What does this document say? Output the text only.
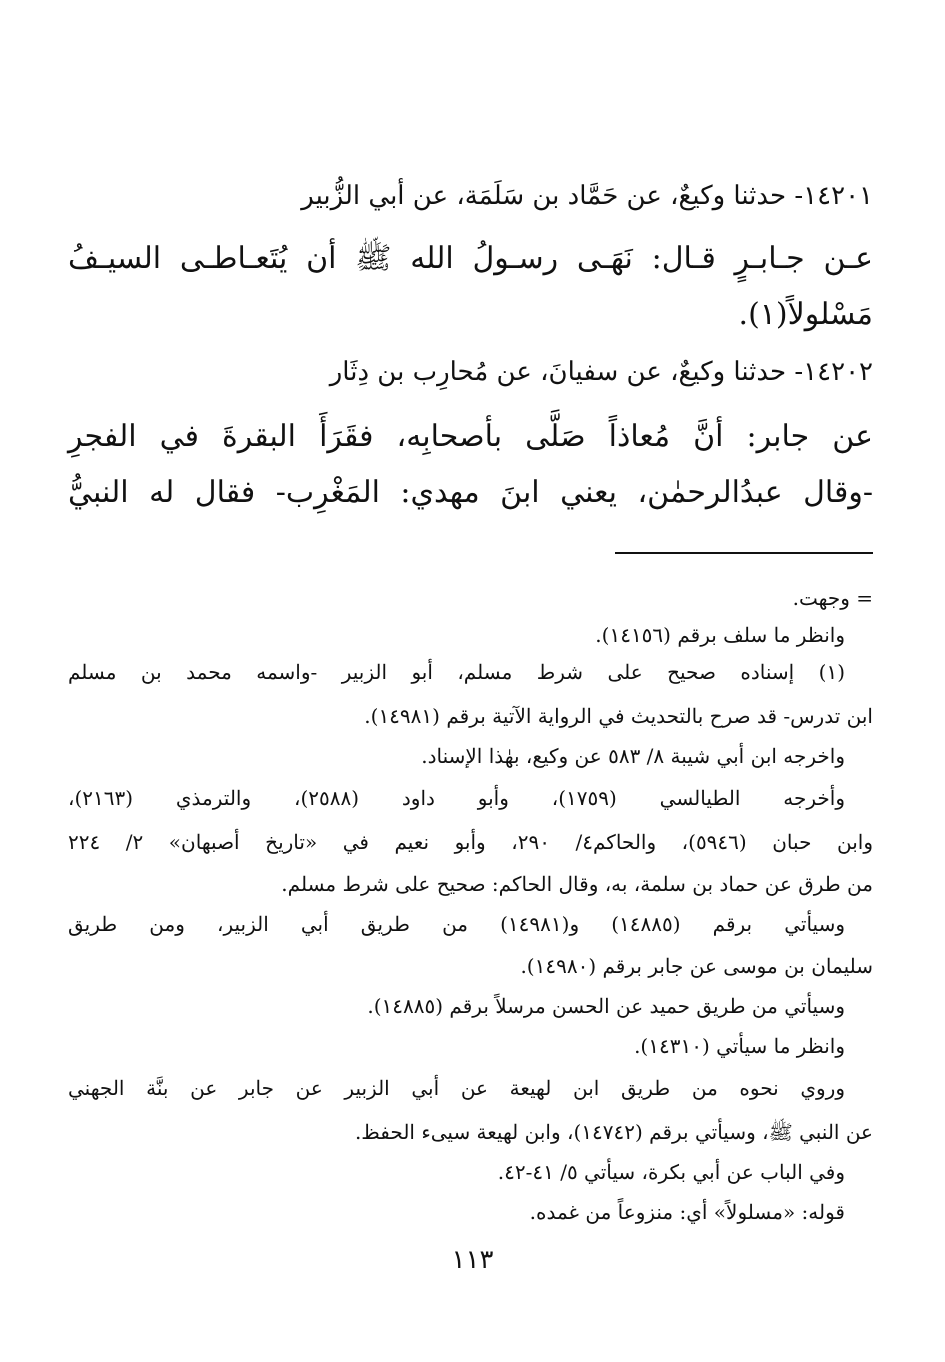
١٤٢٠١- حدثنا وكيعٌ، عن حَمَّاد بن سَلَمَة، عن أبي الزُّبير
عـن جـابـرٍ قـال: نَهَـى رسـولُ الله ﷺ أن يُتَعـاطـى السيـفُ
مَسْلولاً(١).
١٤٢٠٢- حدثنا وكيعٌ، عن سفيانَ، عن مُحارِب بن دِثَار
عن جابر: أنَّ مُعاذاً صَلَّى بأصحابِه، فقَرَأَ البقرةَ في الفجرِ
-وقال عبدُالرحمٰن، يعني ابنَ مهدي: المَغْرِب- فقال له النبيُّ
= وجهت.
وانظر ما سلف برقم (١٤١٥٦).
(١) إسناده صحيح على شرط مسلم، أبو الزبير -واسمه محمد بن مسلم
ابن تدرس- قد صرح بالتحديث في الرواية الآتية برقم (١٤٩٨١).
واخرجه ابن أبي شيبة ٨/ ٥٨٣ عن وكيع، بهٰذا الإسناد.
وأخرجه الطيالسي (١٧٥٩)، وأبو داود (٢٥٨٨)، والترمذي (٢١٦٣)،
وابن حبان (٥٩٤٦)، والحاكم٤/ ٢٩٠، وأبو نعيم في «تاريخ أصبهان» ٢/ ٢٢٤
من طرق عن حماد بن سلمة، به، وقال الحاكم: صحيح على شرط مسلم.
وسيأتي برقم (١٤٨٨٥) و(١٤٩٨١) من طريق أبي الزبير، ومن طريق
سليمان بن موسى عن جابر برقم (١٤٩٨٠).
وسيأتي من طريق حميد عن الحسن مرسلاً برقم (١٤٨٨٥).
وانظر ما سيأتي (١٤٣١٠).
وروي نحوه من طريق ابن لهيعة عن أبي الزبير عن جابر عن بنَّة الجهني
عن النبي ﷺ، وسيأتي برقم (١٤٧٤٢)، وابن لهيعة سيىء الحفظ.
وفي الباب عن أبي بكرة، سيأتي ٥/ ٤١-٤٢.
قوله: «مسلولاً» أي: منزوعاً من غمده.
١١٣
